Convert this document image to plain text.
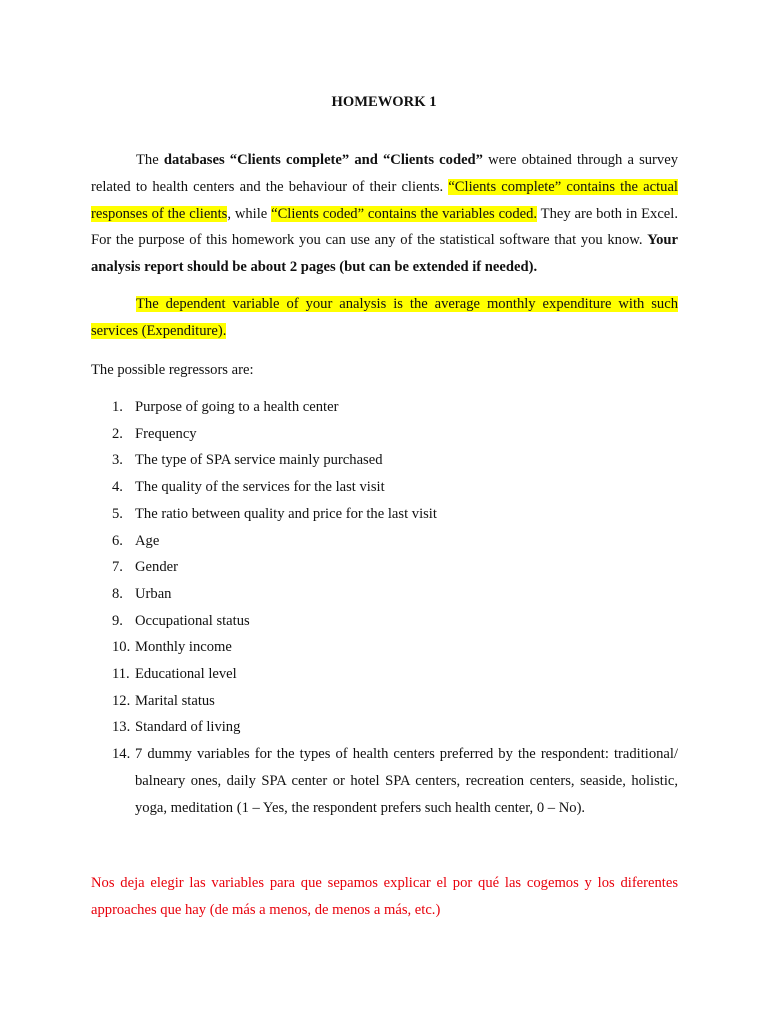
HOMEWORK 1

The databases “Clients complete” and “Clients coded” were obtained through a survey related to health centers and the behaviour of their clients. “Clients complete” contains the actual responses of the clients, while “Clients coded” contains the variables coded. They are both in Excel. For the purpose of this homework you can use any of the statistical software that you know. Your analysis report should be about 2 pages (but can be extended if needed).

The dependent variable of your analysis is the average monthly expenditure with such services (Expenditure).

The possible regressors are:
1. Purpose of going to a health center
2. Frequency
3. The type of SPA service mainly purchased
4. The quality of the services for the last visit
5. The ratio between quality and price for the last visit
6. Age
7. Gender
8. Urban
9. Occupational status
10. Monthly income
11. Educational level
12. Marital status
13. Standard of living
14. 7 dummy variables for the types of health centers preferred by the respondent: traditional/ balneary ones, daily SPA center or hotel SPA centers, recreation centers, seaside, holistic, yoga, meditation (1 – Yes, the respondent prefers such health center, 0 – No).

Nos deja elegir las variables para que sepamos explicar el por qué las cogemos y los diferentes approaches que hay (de más a menos, de menos a más, etc.)
